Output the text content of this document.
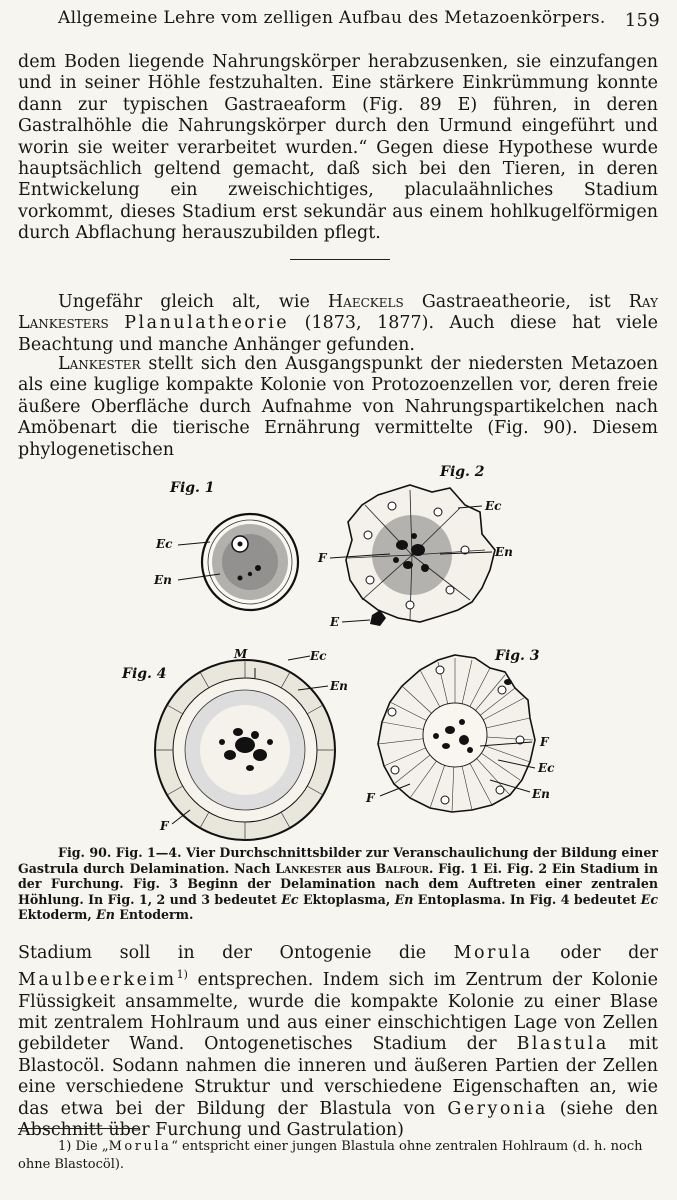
Allgemeine Lehre vom zelligen Aufbau des Metazoenkörpers. 159

dem Boden liegende Nahrungskörper herabzusenken, sie einzufangen und in seiner Höhle festzuhalten. Eine stärkere Einkrümmung konnte dann zur typischen Gastraeaform (Fig. 89 E) führen, in deren Gastralhöhle die Nahrungskörper durch den Urmund eingeführt und worin sie weiter verarbeitet wurden.“ Gegen diese Hypothese wurde hauptsächlich geltend gemacht, daß sich bei den Tieren, in deren Entwickelung ein zweischichtiges, placulaähnliches Stadium vorkommt, dieses Stadium erst sekundär aus einem hohlkugelförmigen durch Abflachung herauszubilden pflegt.

Ungefähr gleich alt, wie Haeckels Gastraeatheorie, ist Ray Lankesters Planulatheorie (1873, 1877). Auch diese hat viele Beachtung und manche Anhänger gefunden.

Lankester stellt sich den Ausgangspunkt der niedersten Metazoen als eine kuglige kompakte Kolonie von Protozoenzellen vor, deren freie äußere Oberfläche durch Aufnahme von Nahrungspartikelchen nach Amöbenart die tierische Ernährung vermittelte (Fig. 90). Diesem phylogenetischen

Fig. 1
Ec
En
Fig. 2
Ec
F	En
E
Fig. 4
M	Ec
En
F
Fig. 3
F
Ec
En
F

Fig. 90. Fig. 1—4. Vier Durchschnittsbilder zur Veranschaulichung der Bildung einer Gastrula durch Delamination. Nach Lankester aus Balfour. Fig. 1 Ei. Fig. 2 Ein Stadium in der Furchung. Fig. 3 Beginn der Delamination nach dem Auftreten einer zentralen Höhlung. In Fig. 1, 2 und 3 bedeutet Ec Ektoplasma, En Entoplasma. In Fig. 4 bedeutet Ec Ektoderm, En Entoderm.

Stadium soll in der Ontogenie die Morula oder der Maulbeerkeim$^{1)}$ entsprechen. Indem sich im Zentrum der Kolonie Flüssigkeit ansammelte, wurde die kompakte Kolonie zu einer Blase mit zentralem Hohlraum und aus einer einschichtigen Lage von Zellen gebildeter Wand. Ontogenetisches Stadium der Blastula mit Blastocöl. Sodann nahmen die inneren und äußeren Partien der Zellen eine verschiedene Struktur und verschiedene Eigenschaften an, wie das etwa bei der Bildung der Blastula von Geryonia (siehe den Abschnitt über Furchung und Gastrulation)

1) Die „Morula“ entspricht einer jungen Blastula ohne zentralen Hohlraum (d. h. noch ohne Blastocöl).
